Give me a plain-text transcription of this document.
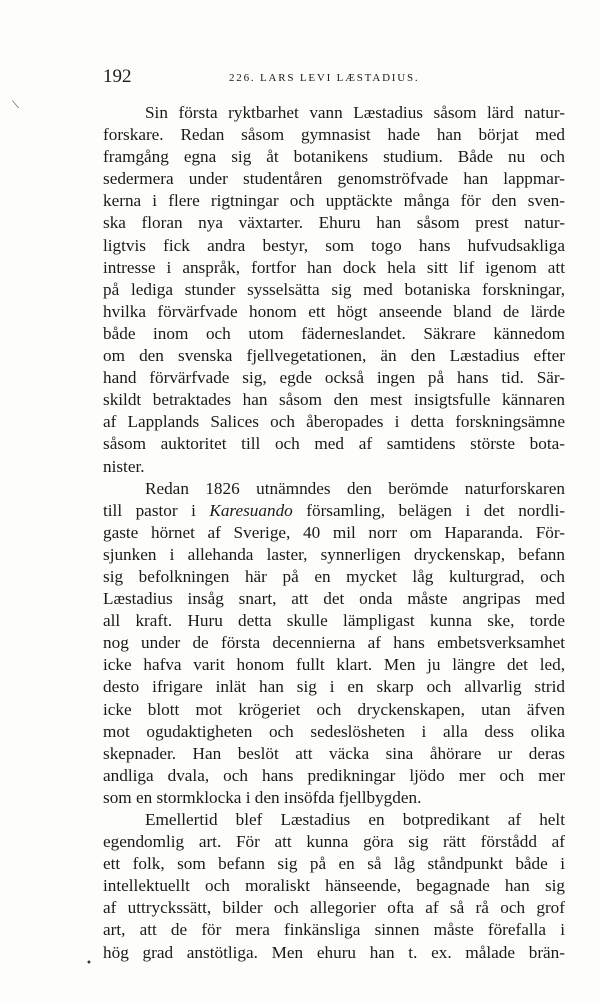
192	226. LARS LEVI LÆSTADIUS.
Sin första ryktbarhet vann Læstadius såsom lärd natur-
forskare. Redan såsom gymnasist hade han börjat med
framgång egna sig åt botanikens studium. Både nu och
sedermera under studentåren genomströfvade han lappmar-
kerna i flere rigtningar och upptäckte många för den sven-
ska floran nya växtarter. Ehuru han såsom prest natur-
ligtvis fick andra bestyr, som togo hans hufvudsakliga
intresse i anspråk, fortfor han dock hela sitt lif igenom att
på lediga stunder sysselsätta sig med botaniska forskningar,
hvilka förvärfvade honom ett högt anseende bland de lärde
både inom och utom fäderneslandet. Säkrare kännedom
om den svenska fjellvegetationen, än den Læstadius efter
hand förvärfvade sig, egde också ingen på hans tid. Sär-
skildt betraktades han såsom den mest insigtsfulle kännaren
af Lapplands Salices och åberopades i detta forskningsämne
såsom auktoritet till och med af samtidens störste bota-
nister.
Redan 1826 utnämndes den berömde naturforskaren
till pastor i Karesuando församling, belägen i det nordli-
gaste hörnet af Sverige, 40 mil norr om Haparanda. För-
sjunken i allehanda laster, synnerligen dryckenskap, befann
sig befolkningen här på en mycket låg kulturgrad, och
Læstadius insåg snart, att det onda måste angripas med
all kraft. Huru detta skulle lämpligast kunna ske, torde
nog under de första decennierna af hans embetsverksamhet
icke hafva varit honom fullt klart. Men ju längre det led,
desto ifrigare inlät han sig i en skarp och allvarlig strid
icke blott mot krögeriet och dryckenskapen, utan äfven
mot ogudaktigheten och sedeslösheten i alla dess olika
skepnader. Han beslöt att väcka sina åhörare ur deras
andliga dvala, och hans predikningar ljödo mer och mer
som en stormklocka i den insöfda fjellbygden.
Emellertid blef Læstadius en botpredikant af helt
egendomlig art. För att kunna göra sig rätt förstådd af
ett folk, som befann sig på en så låg ståndpunkt både i
intellektuellt och moraliskt hänseende, begagnade han sig
af uttryckssätt, bilder och allegorier ofta af så rå och grof
art, att de för mera finkänsliga sinnen måste förefalla i
hög grad anstötliga. Men ehuru han t. ex. målade brän-
⟍
•
